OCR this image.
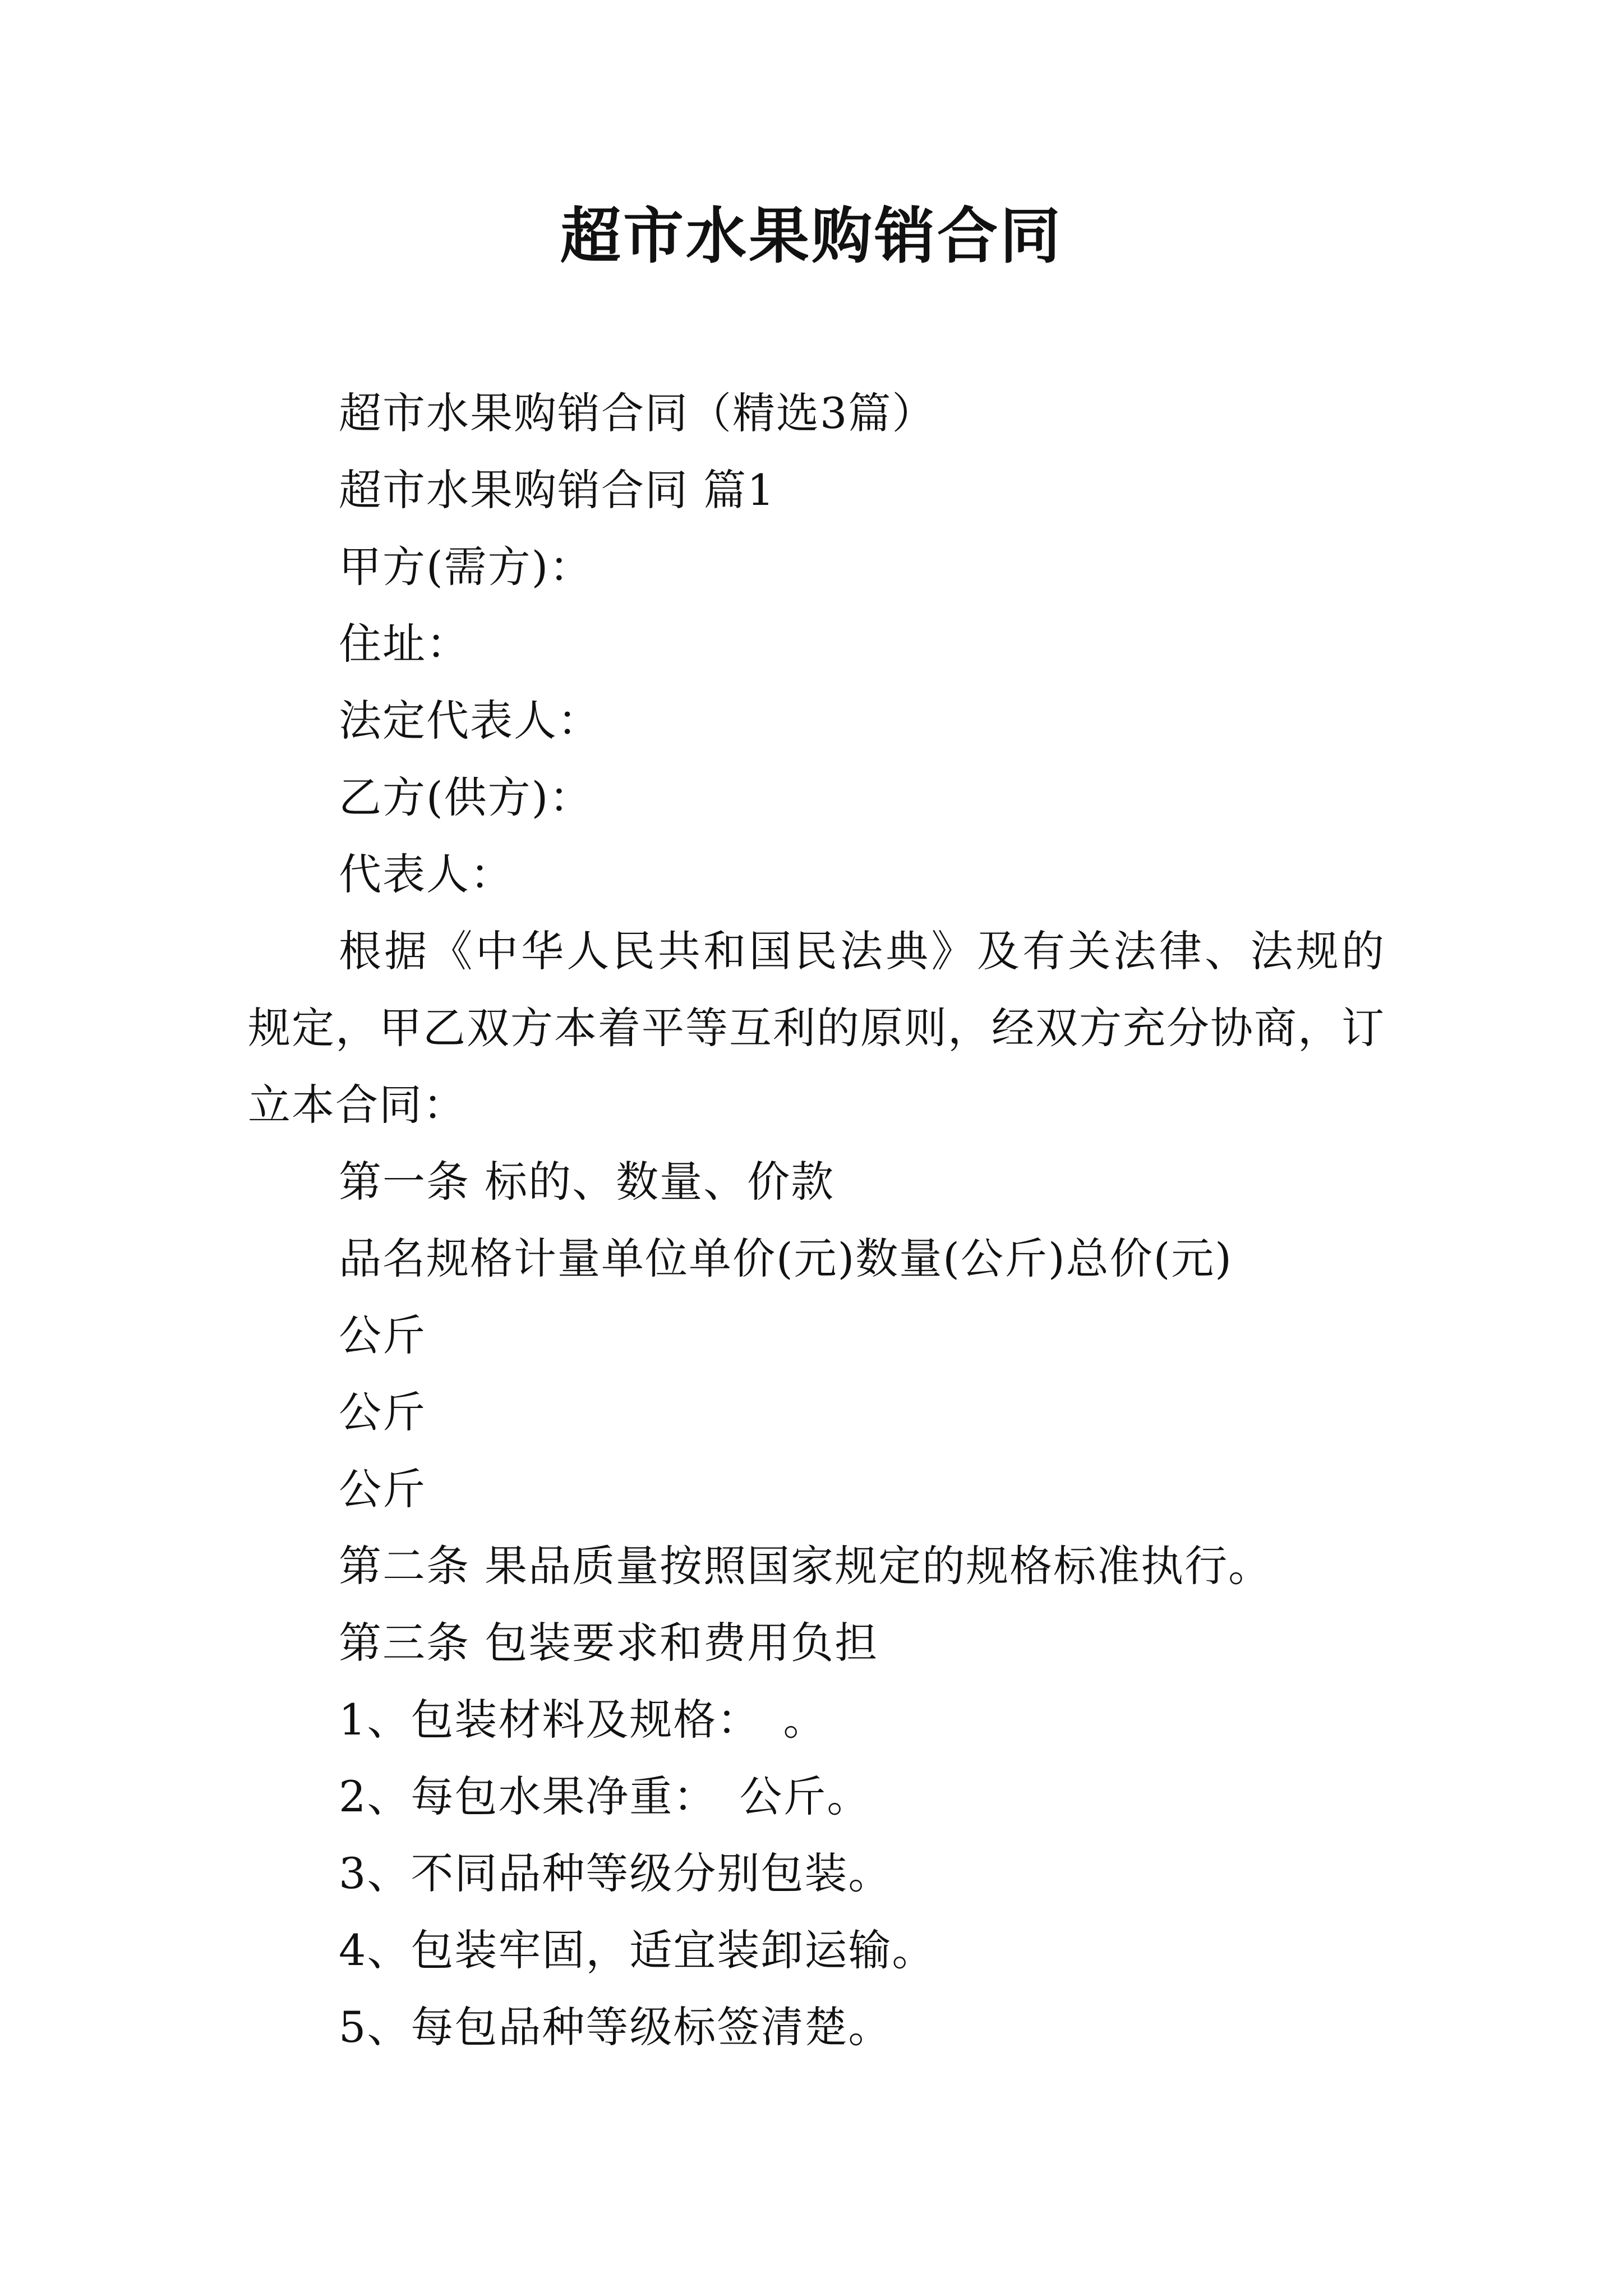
超市水果购销合同

超市水果购销合同（精选3篇）

超市水果购销合同 篇1

甲方(需方)：

住址：

法定代表人：

乙方(供方)：

代表人：

根据《中华人民共和国民法典》及有关法律、法规的规定，甲乙双方本着平等互利的原则，经双方充分协商，订立本合同：

第一条 标的、数量、价款

品名规格计量单位单价(元)数量(公斤)总价(元)

公斤

公斤

公斤

第二条 果品质量按照国家规定的规格标准执行。

第三条 包装要求和费用负担

1、包装材料及规格：　。

2、每包水果净重：　公斤。

3、不同品种等级分别包装。

4、包装牢固，适宜装卸运输。

5、每包品种等级标签清楚。
